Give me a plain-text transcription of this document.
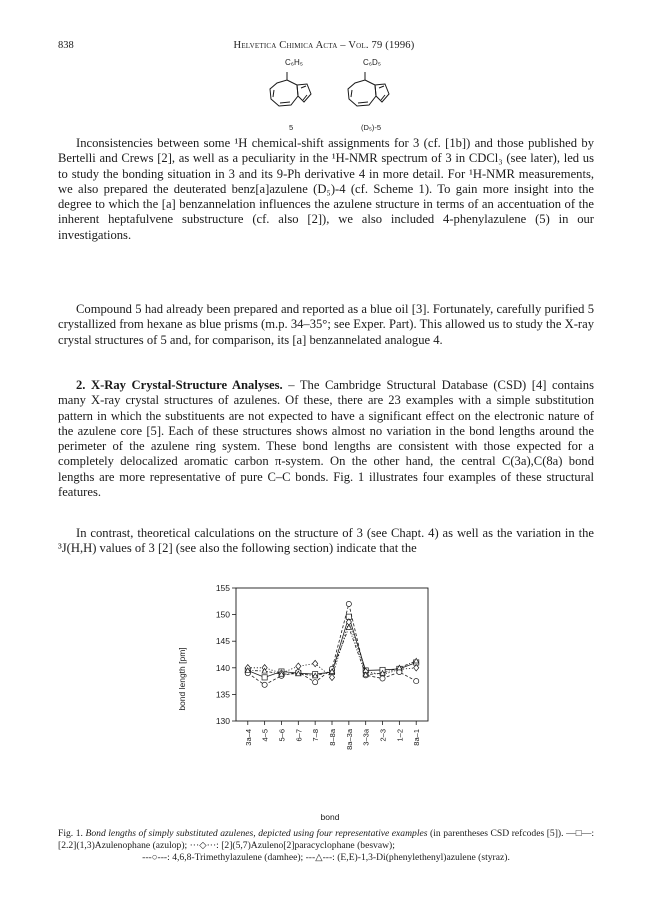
838	Helvetica Chimica Acta – Vol. 79 (1996)
C₆H₅
5
C₆D₅
(D₅)-5

Inconsistencies between some ¹H chemical-shift assignments for 3 (cf. [1b]) and those published by Bertelli and Crews [2], as well as a peculiarity in the ¹H-NMR spectrum of 3 in CDCl₃ (see later), led us to study the bonding situation in 3 and its 9-Ph derivative 4 in more detail. For ¹H-NMR measurements, we also prepared the deuterated benz[a]azulene (D₅)-4 (cf. Scheme 1). To gain more insight into the degree to which the [a] benzannelation influences the azulene structure in terms of an accentuation of the inherent heptafulvene substructure (cf. also [2]), we also included 4-phenylazulene (5) in our investigations.

Compound 5 had already been prepared and reported as a blue oil [3]. Fortunately, carefully purified 5 crystallized from hexane as blue prisms (m.p. 34–35°; see Exper. Part). This allowed us to study the X-ray crystal structures of 5 and, for comparison, its [a] benzannelated analogue 4.

2. X-Ray Crystal-Structure Analyses. – The Cambridge Structural Database (CSD) [4] contains many X-ray crystal structures of azulenes. Of these, there are 23 examples with a simple substitution pattern in which the substituents are not expected to have a significant effect on the electronic nature of the azulene core [5]. Each of these structures shows almost no variation in the bond lengths around the perimeter of the azulene ring system. These bond lengths are consistent with those expected for a completely delocalized aromatic carbon π-system. On the other hand, the central C(3a),C(8a) bond lengths are more representative of pure C–C bonds. Fig. 1 illustrates four examples of these structural features.

In contrast, theoretical calculations on the structure of 3 (see Chapt. 4) as well as the variation in the ³J(H,H) values of 3 [2] (see also the following section) indicate that the

bond length [pm]
130
135
140
145
150
155
3a–4 4–5 5–6 6–7 7–8 8–8a 8a–3a 3–3a 2–3 1–2 8a–1
bond
Fig. 1. Bond lengths of simply substituted azulenes, depicted using four representative examples (in parentheses CSD refcodes [5]). —□—: [2.2](1,3)Azulenophane (azulop); ···◇···: [2](5,7)Azuleno[2]paracyclophane (besvaw);
---○---: 4,6,8-Trimethylazulene (damhee); ---△---: (E,E)-1,3-Di(phenylethenyl)azulene (styraz).
